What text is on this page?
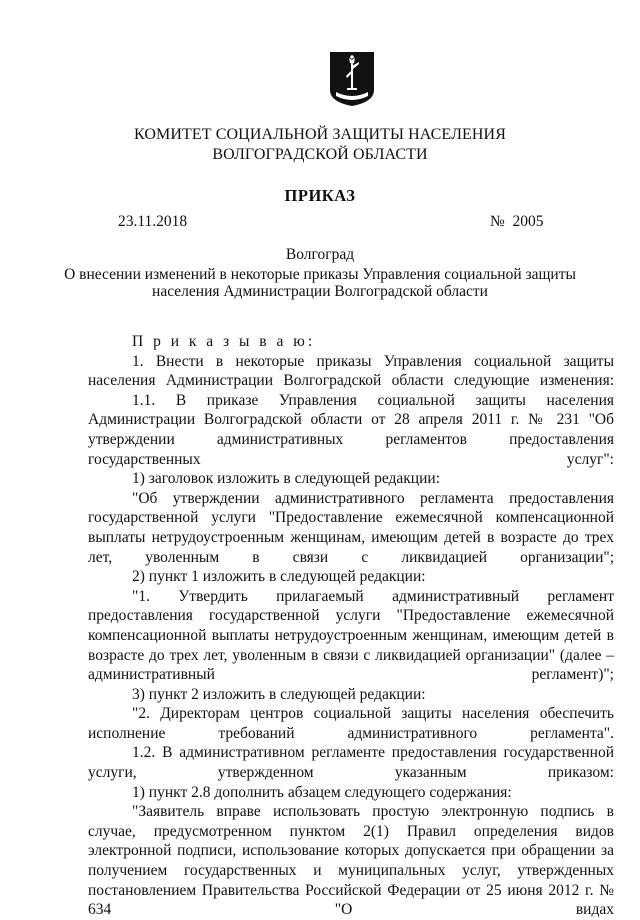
КОМИТЕТ СОЦИАЛЬНОЙ ЗАЩИТЫ НАСЕЛЕНИЯ
ВОЛГОГРАДСКОЙ ОБЛАСТИ
ПРИКАЗ
23.11.2018	№  2005
Волгоград
О внесении изменений в некоторые приказы Управления социальной защиты населения Администрации Волгоградской области

П р и к а з ы в а ю:

1. Внести в некоторые приказы Управления социальной защиты населения Администрации Волгоградской области следующие изменения:

1.1. В приказе Управления социальной защиты населения Администрации Волгоградской области от 28 апреля 2011 г. № 231 "Об утверждении административных регламентов предоставления государственных услуг":

1) заголовок изложить в следующей редакции:

"Об утверждении административного регламента предоставления государственной услуги "Предоставление ежемесячной компенсационной выплаты нетрудоустроенным женщинам, имеющим детей в возрасте до трех лет, уволенным в связи с ликвидацией организации";

2) пункт 1 изложить в следующей редакции:

"1. Утвердить прилагаемый административный регламент предоставления государственной услуги "Предоставление ежемесячной компенсационной выплаты нетрудоустроенным женщинам, имеющим детей в возрасте до трех лет, уволенным в связи с ликвидацией организации" (далее – административный регламент)";

3) пункт 2 изложить в следующей редакции:

"2. Директорам центров социальной защиты населения обеспечить исполнение требований административного регламента".

1.2. В административном регламенте предоставления государственной услуги, утвержденном указанным приказом:

1) пункт 2.8 дополнить абзацем следующего содержания:

"Заявитель вправе использовать простую электронную подпись в случае, предусмотренном пунктом 2(1) Правил определения видов электронной подписи, использование которых допускается при обращении за получением государственных и муниципальных услуг, утвержденных постановлением Правительства Российской Федерации от 25 июня 2012 г. № 634 "О видах
